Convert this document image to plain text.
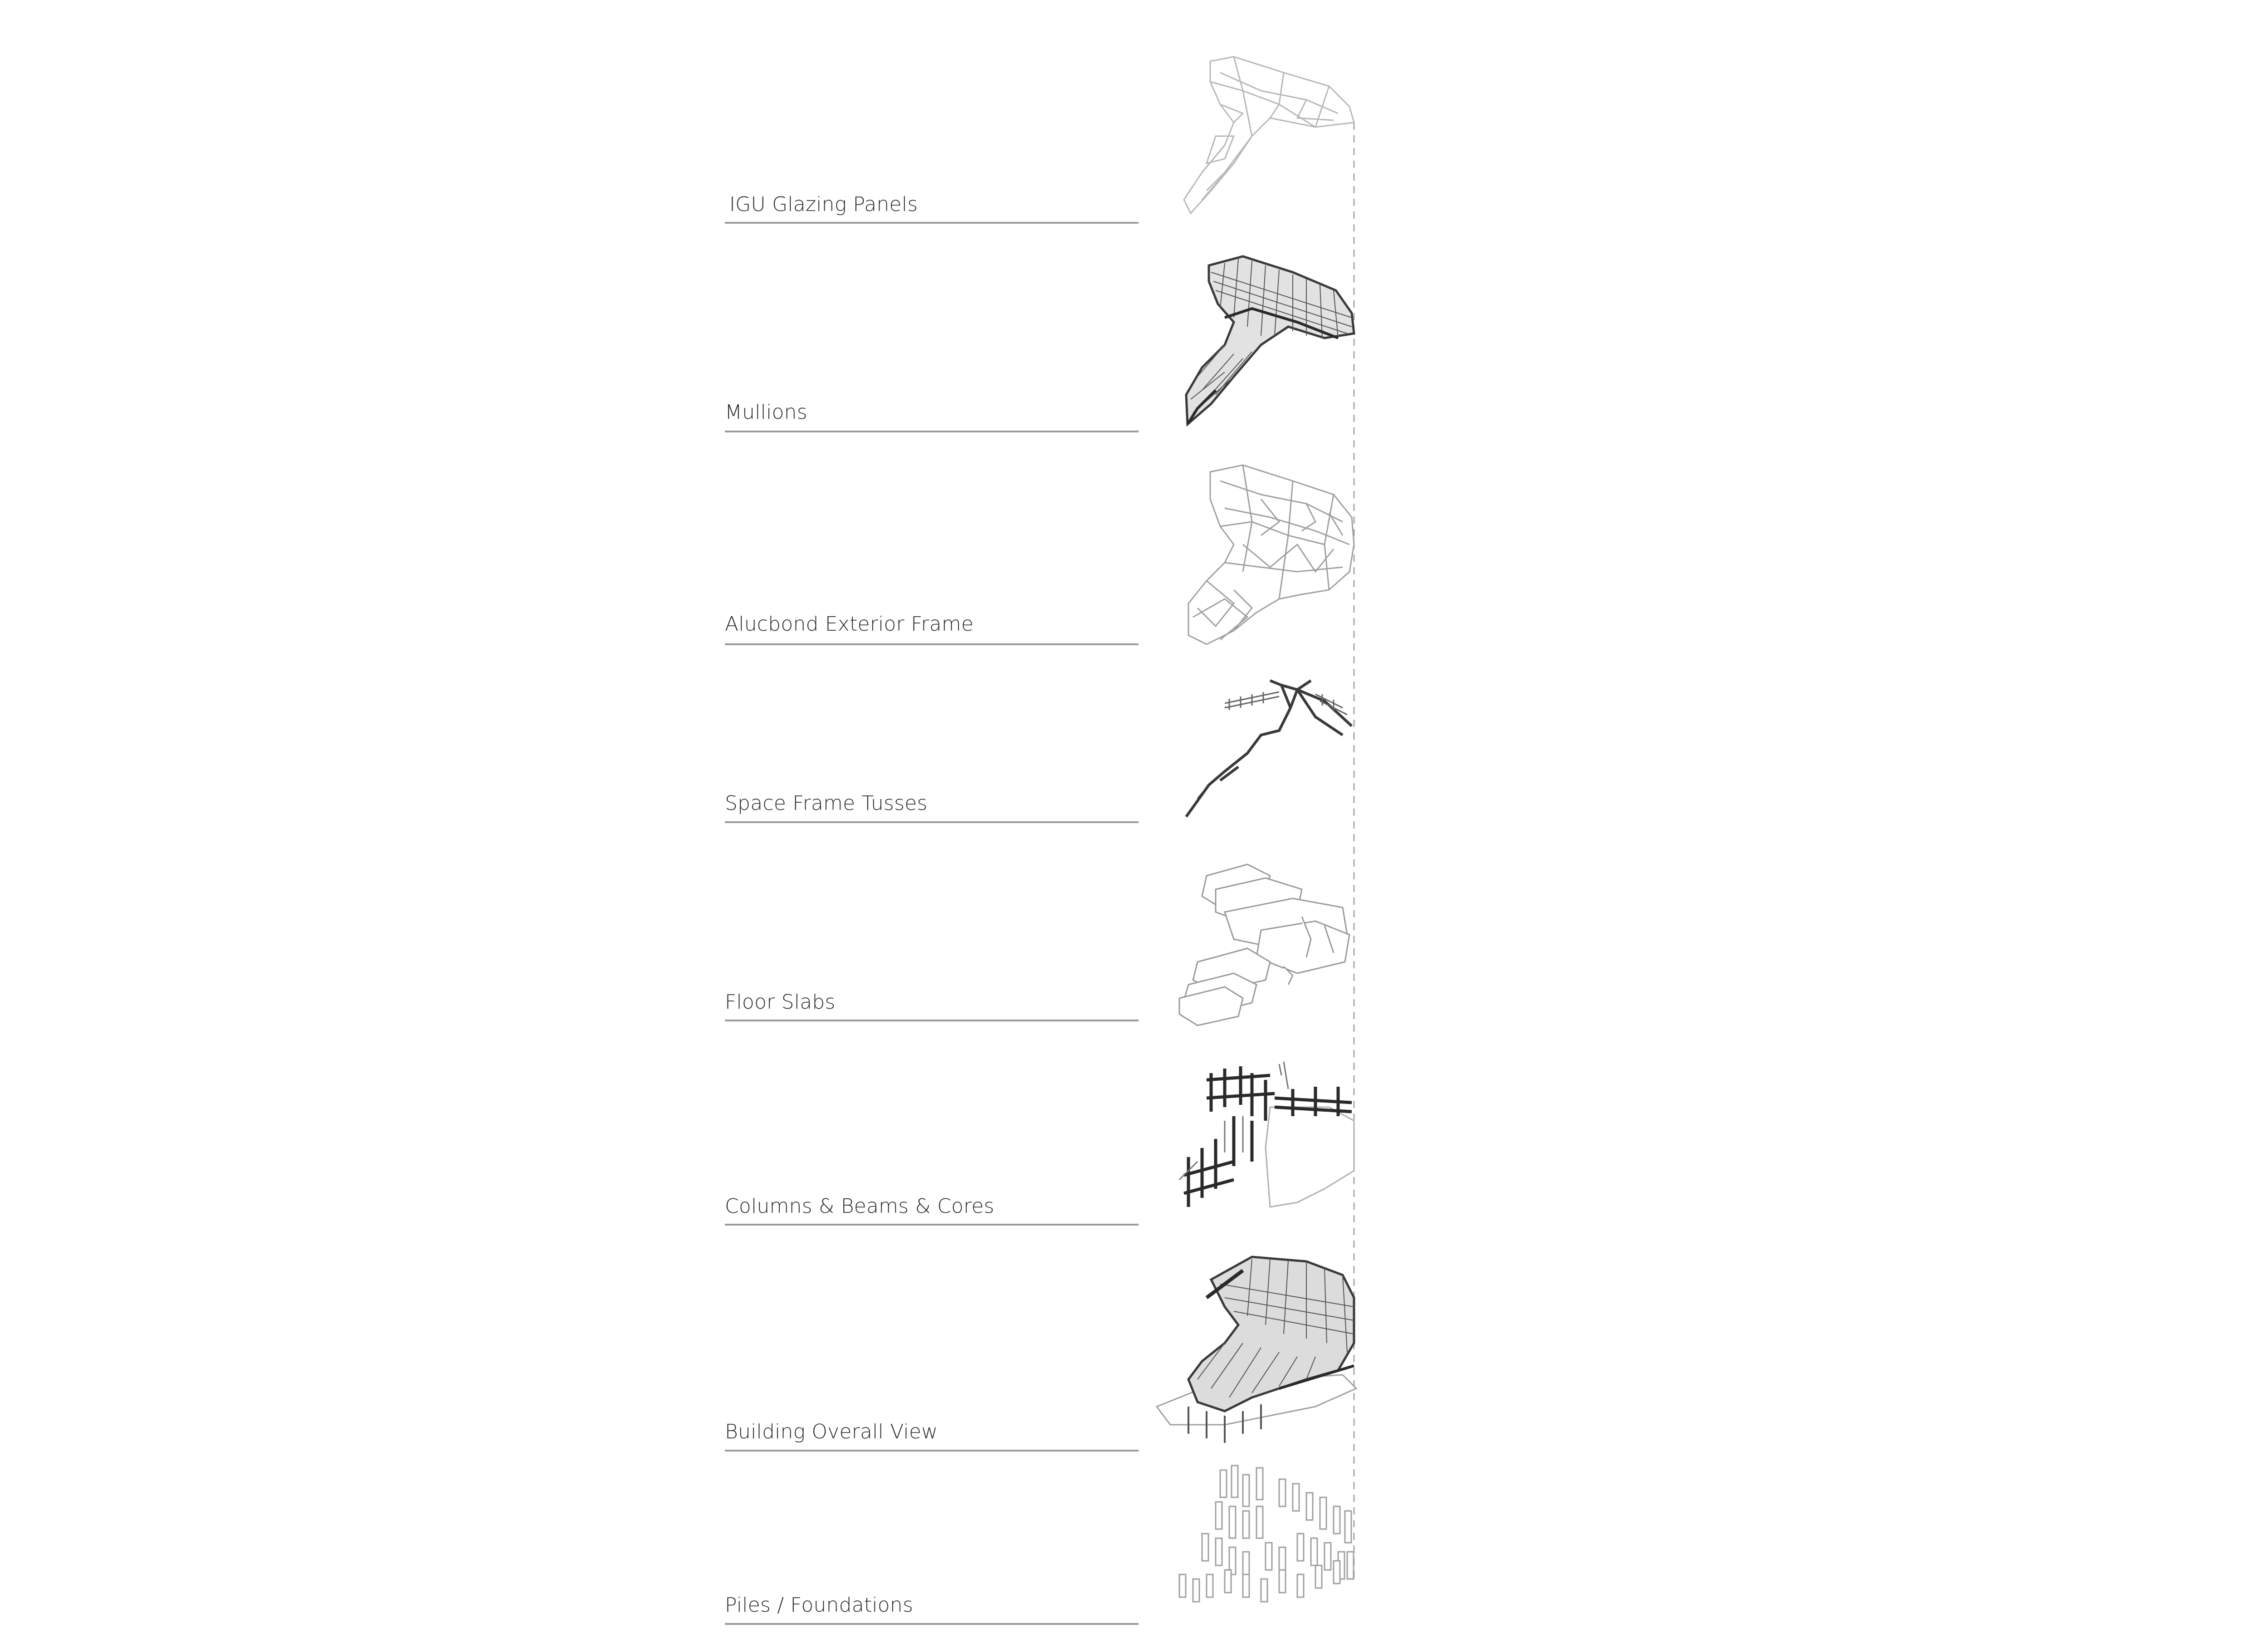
IGU Glazing Panels
Mullions
Alucbond Exterior Frame
Space Frame Tusses
Floor Slabs
Columns & Beams & Cores
Building Overall View
Piles / Foundations
